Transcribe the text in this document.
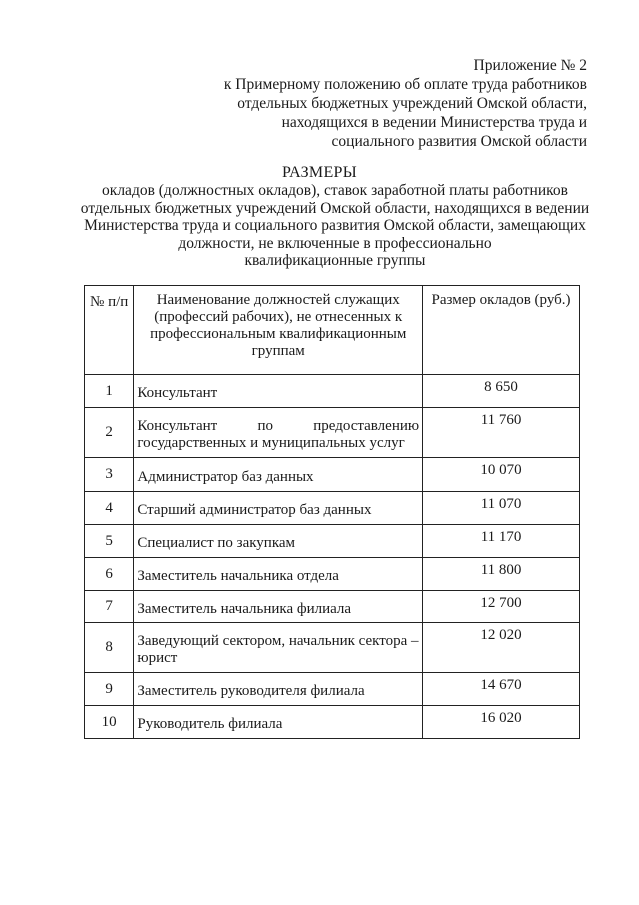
Приложение № 2
к Примерному положению об оплате труда работников
отдельных бюджетных учреждений Омской области,
находящихся в ведении Министерства труда и
социального развития Омской области
РАЗМЕРЫ
окладов (должностных окладов), ставок заработной платы работников
отдельных бюджетных учреждений Омской области, находящихся в ведении
Министерства труда и социального развития Омской области, замещающих
должности, не включенные в профессионально
квалификационные группы
№ п/п	Наименование должностей служащих (профессий рабочих), не отнесенных к профессиональным квалификационным группам	Размер окладов (руб.)
1	Консультант	8 650
2	Консультант по предоставлению государственных и муниципальных услуг	11 760
3	Администратор баз данных	10 070
4	Старший администратор баз данных	11 070
5	Специалист по закупкам	11 170
6	Заместитель начальника отдела	11 800
7	Заместитель начальника филиала	12 700
8	Заведующий сектором, начальник сектора – юрист	12 020
9	Заместитель руководителя филиала	14 670
10	Руководитель филиала	16 020
